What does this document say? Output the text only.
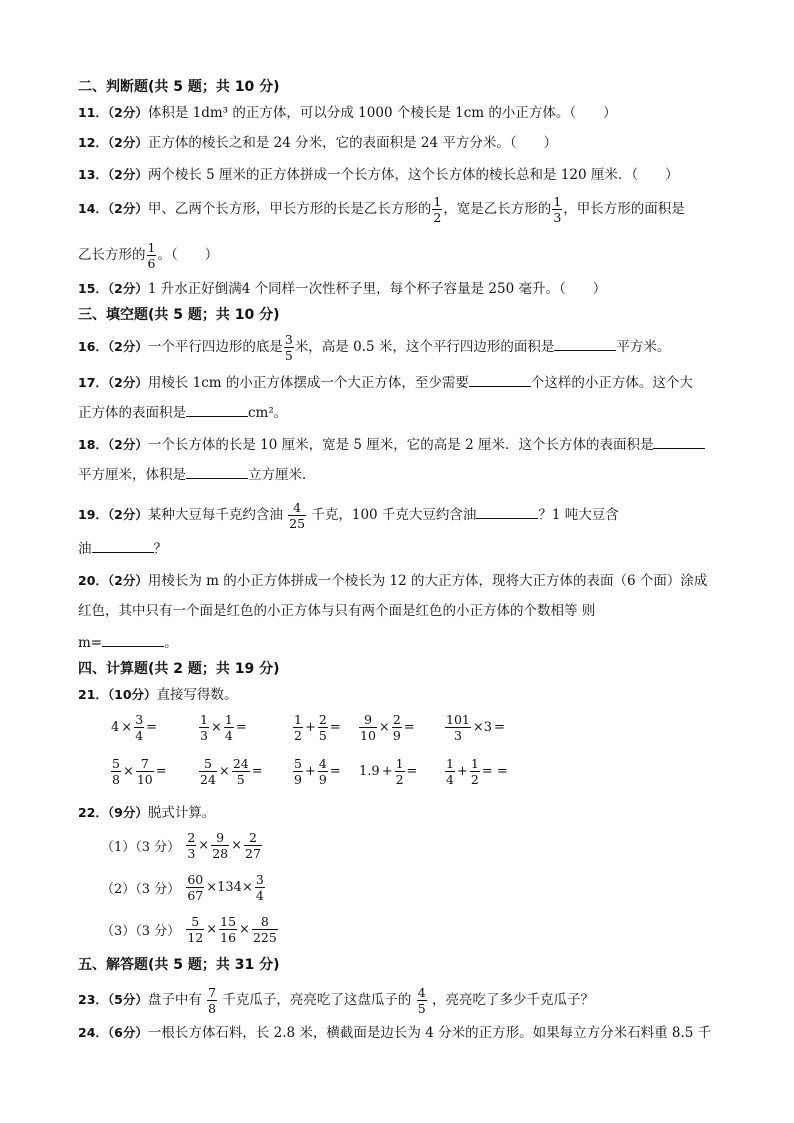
二、判断题(共 5 题；共 10 分)
11．（2分）体积是 1dm³ 的正方体，可以分成 1000 个棱长是 1cm 的小正方体。（　　）
12．（2分）正方体的棱长之和是 24 分米，它的表面积是 24 平方分米。（　　）
13．（2分）两个棱长 5 厘米的正方体拼成一个长方体，这个长方体的棱长总和是 120 厘米．（　　）
14．（2分）甲、乙两个长方形，甲长方形的长是乙长方形的 $\frac{1}{2}$ ，宽是乙长方形的 $\frac{1}{3}$ ，甲长方形的面积是
乙长方形的 $\frac{1}{6}$ 。（　　）
15．（2分）1 升水正好倒满4 个同样一次性杯子里，每个杯子容量是 250 毫升。（　　）
三、填空题(共 5 题；共 10 分)
16．（2分）一个平行四边形的底是 $\frac{3}{5}$ 米，高是 0.5 米，这个平行四边形的面积是	平方米。
17．（2分）用棱长 1cm 的小正方体摆成一个大正方体，至少需要	个这样的小正方体。这个大
正方体的表面积是	cm²。
18．（2分）一个长方体的长是 10 厘米，宽是 5 厘米，它的高是 2 厘米．这个长方体的表面积是
平方厘米，体积是	立方厘米．
19．（2分）某种大豆每千克约含油 $\frac{4}{25}$ 千克，100 千克大豆约含油	？1 吨大豆含
油	？
20．（2分）用棱长为 m 的小正方体拼成一个棱长为 12 的大正方体，现将大正方体的表面（6 个面）涂成
红色，其中只有一个面是红色的小正方体与只有两个面是红色的小正方体的个数相等 则
m=	。
四、计算题(共 2 题；共 19 分)
21．（10分）直接写得数。
$4 \times \frac{3}{4}$ =	$\frac{1}{3} \times \frac{1}{4}$ =	$\frac{1}{2} + \frac{2}{5} = \frac{9}{10} \times \frac{2}{9} = \frac{101}{3} \times 3$ =
$\frac{5}{8} \times \frac{7}{10}$ =	$\frac{5}{24} \times \frac{24}{5} = \frac{5}{9} + \frac{4}{9} = 1.9 + \frac{1}{2} = \frac{1}{4} + \frac{1}{2}$ = =
22．（9分）脱式计算。
（1）（3 分） $\frac{2}{3} \times \frac{9}{28} \times \frac{2}{27}$
（2）（3 分） $\frac{60}{67} \times 134\times \frac{3}{4}$
（3）（3 分） $\frac{5}{12} \times \frac{15}{16} \times \frac{8}{225}$
五、解答题(共 5 题；共 31 分)
23．（5分）盘子中有 $\frac{7}{8}$ 千克瓜子，亮亮吃了这盘瓜子的 $\frac{4}{5}$ ，亮亮吃了多少千克瓜子？
24．（6分）一根长方体石料，长 2.8 米，横截面是边长为 4 分米的正方形。如果每立方分米石料重 8.5 千
